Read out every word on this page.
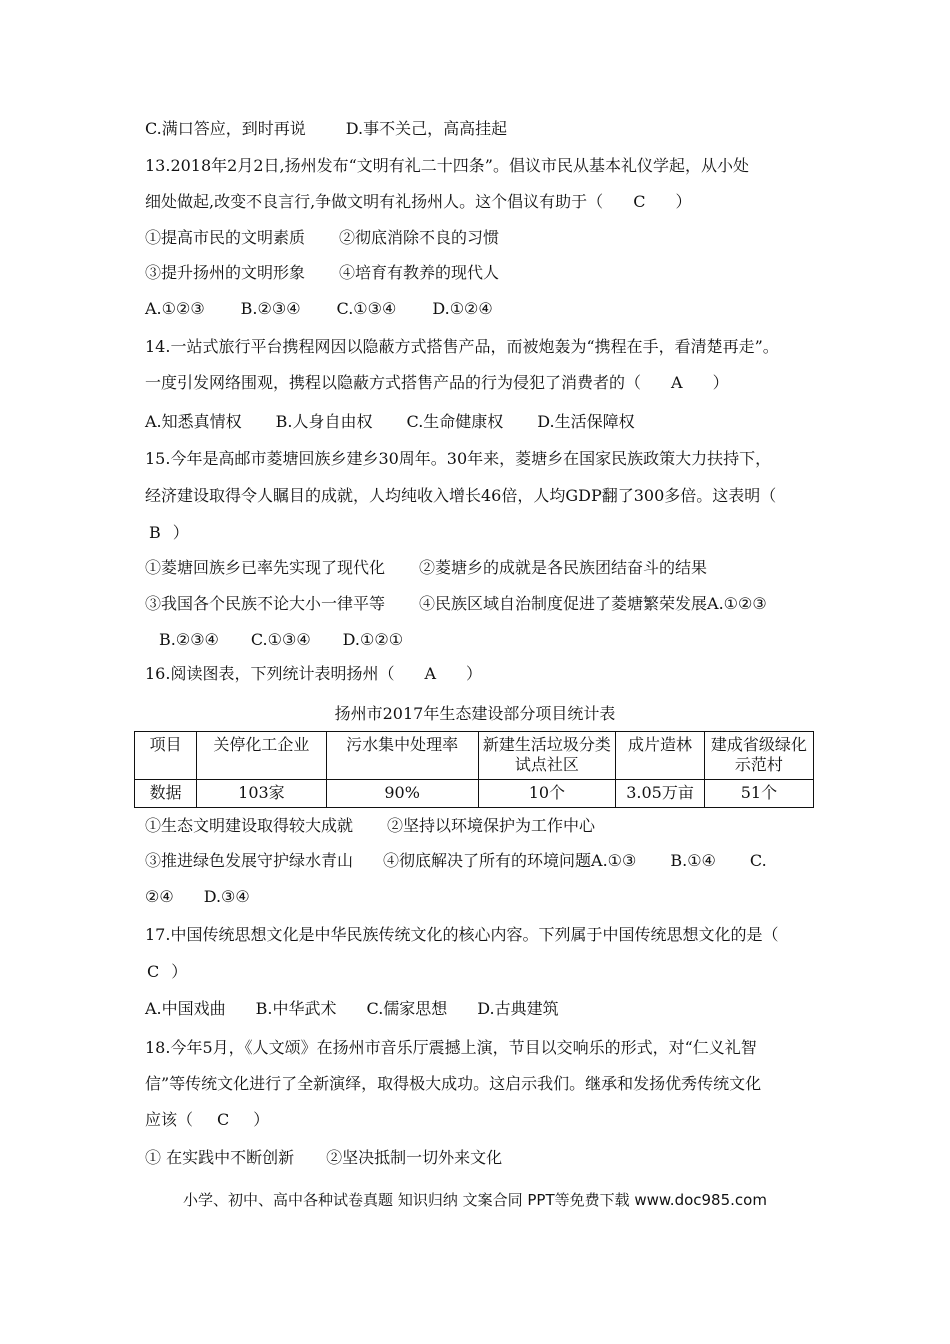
C.满口答应，到时再说	D.事不关己，高高挂起
13.2018年2月2日,扬州发布“文明有礼二十四条”。倡议市民从基本礼仪学起，从小处
细处做起,改变不良言行,争做文明有礼扬州人。这个倡议有助于（ C ）
①提高市民的文明素质 ②彻底消除不良的习惯
③提升扬州的文明形象 ④培育有教养的现代人
A.①②③ B.②③④ C.①③④ D.①②④
14.一站式旅行平台携程网因以隐蔽方式搭售产品，而被炮轰为“携程在手，看清楚再走”。
一度引发网络围观，携程以隐蔽方式搭售产品的行为侵犯了消费者的（ A ）
A.知悉真情权 B.人身自由权 C.生命健康权 D.生活保障权
15.今年是高邮市菱塘回族乡建乡30周年。30年来，菱塘乡在国家民族政策大力扶持下，
经济建设取得令人瞩目的成就，人均纯收入增长46倍，人均GDP翻了300多倍。这表明（
B ）
①菱塘回族乡已率先实现了现代化 ②菱塘乡的成就是各民族团结奋斗的结果
③我国各个民族不论大小一律平等 ④民族区域自治制度促进了菱塘繁荣发展A.①②③
B.②③④ C.①③④ D.①②①
16.阅读图表，下列统计表明扬州（ A ）
扬州市2017年生态建设部分项目统计表
项目	关停化工企业	污水集中处理率	新建生活垃圾分类试点社区	成片造林	建成省级绿化示范村
数据	103家	90%	10个	3.05万亩	51个
①生态文明建设取得较大成就 ②坚持以环境保护为工作中心
③推进绿色发展守护绿水青山 ④彻底解决了所有的环境问题A.①③ B.①④ C.
②④ D.③④
17.中国传统思想文化是中华民族传统文化的核心内容。下列属于中国传统思想文化的是（
C ）
A.中国戏曲 B.中华武术 C.儒家思想 D.古典建筑
18.今年5月，《人文颂》在扬州市音乐厅震撼上演，节目以交响乐的形式，对“仁义礼智
信”等传统文化进行了全新演绎，取得极大成功。这启示我们。继承和发扬优秀传统文化
应该（ C ）
① 在实践中不断创新 ②坚决抵制一切外来文化
小学、初中、高中各种试卷真题 知识归纳 文案合同 PPT等免费下载 www.doc985.com
